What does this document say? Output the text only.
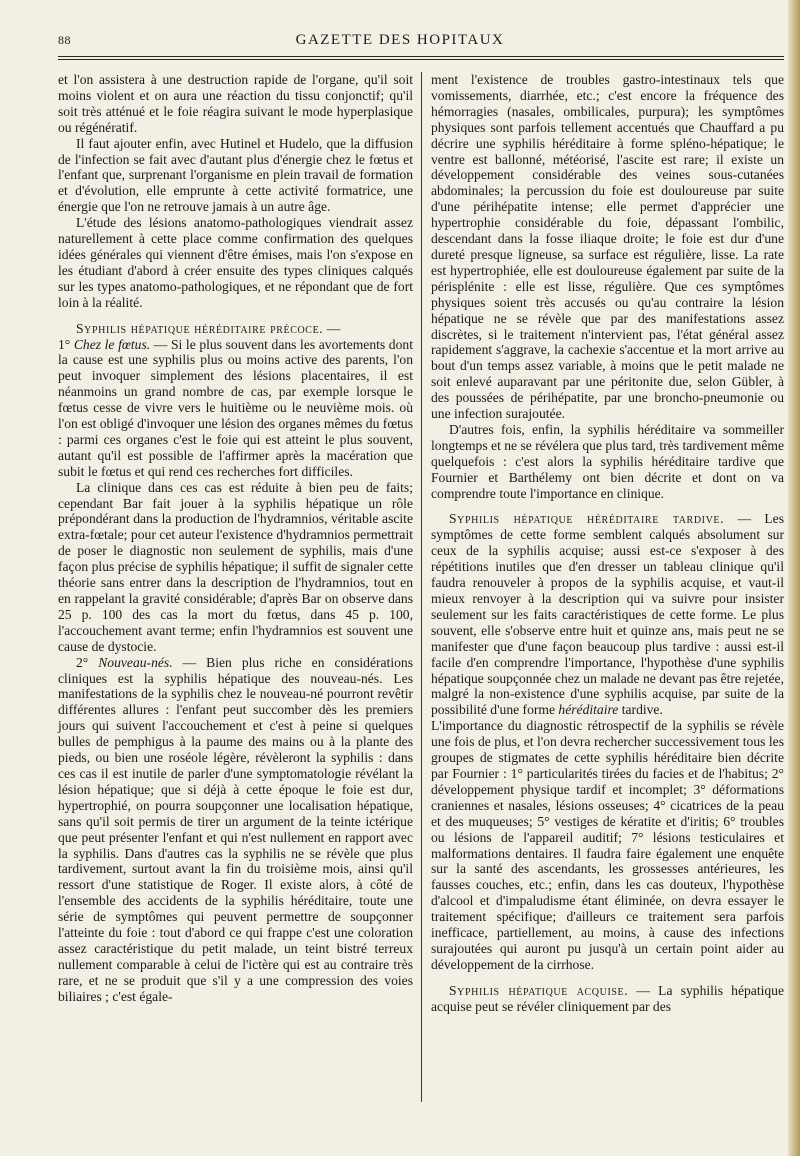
88	GAZETTE DES HOPITAUX

et l'on assistera à une destruction rapide de l'organe, qu'il soit moins violent et on aura une réaction du tissu conjonctif; qu'il soit très atténué et le foie réagira suivant le mode hyperplasique ou régénératif.

Il faut ajouter enfin, avec Hutinel et Hudelo, que la diffusion de l'infection se fait avec d'autant plus d'énergie chez le fœtus et l'enfant que, surprenant l'organisme en plein travail de formation et d'évolution, elle emprunte à cette activité formatrice, une énergie que l'on ne retrouve jamais à un autre âge.

L'étude des lésions anatomo-pathologiques viendrait assez naturellement à cette place comme confirmation des quelques idées générales qui viennent d'être émises, mais l'on s'expose en les étudiant d'abord à créer ensuite des types cliniques calqués sur les types anatomo-pathologiques, et ne répondant que de fort loin à la réalité.

Syphilis hépatique héréditaire précoce. —
1° Chez le fœtus. — Si le plus souvent dans les avortements dont la cause est une syphilis plus ou moins active des parents, l'on peut invoquer simplement des lésions placentaires, il est néanmoins un grand nombre de cas, par exemple lorsque le fœtus cesse de vivre vers le huitième ou le neuvième mois. où l'on est obligé d'invoquer une lésion des organes mêmes du fœtus : parmi ces organes c'est le foie qui est atteint le plus souvent, autant qu'il est possible de l'affirmer après la macération que subit le fœtus et qui rend ces recherches fort difficiles.

La clinique dans ces cas est réduite à bien peu de faits; cependant Bar fait jouer à la syphilis hépatique un rôle prépondérant dans la production de l'hydramnios, véritable ascite extra-fœtale; pour cet auteur l'existence d'hydramnios permettrait de poser le diagnostic non seulement de syphilis, mais d'une façon plus précise de syphilis hépatique; il suffit de signaler cette théorie sans entrer dans la description de l'hydramnios, tout en en rappelant la gravité considérable; d'après Bar on observe dans 25 p. 100 des cas la mort du fœtus, dans 45 p. 100, l'accouchement avant terme; enfin l'hydramnios est souvent une cause de dystocie.

2° Nouveau-nés. — Bien plus riche en considérations cliniques est la syphilis hépatique des nouveau-nés. Les manifestations de la syphilis chez le nouveau-né pourront revêtir différentes allures : l'enfant peut succomber dès les premiers jours qui suivent l'accouchement et c'est à peine si quelques bulles de pemphigus à la paume des mains ou à la plante des pieds, ou bien une roséole légère, révèleront la syphilis : dans ces cas il est inutile de parler d'une symptomatologie révélant la lésion hépatique; que si déjà à cette époque le foie est dur, hypertrophié, on pourra soupçonner une localisation hépatique, sans qu'il soit permis de tirer un argument de la teinte ictérique que peut présenter l'enfant et qui n'est nullement en rapport avec la syphilis. Dans d'autres cas la syphilis ne se révèle que plus tardivement, surtout avant la fin du troisième mois, ainsi qu'il ressort d'une statistique de Roger. Il existe alors, à côté de l'ensemble des accidents de la syphilis héréditaire, toute une série de symptômes qui peuvent permettre de soupçonner l'atteinte du foie : tout d'abord ce qui frappe c'est une coloration assez caractéristique du petit malade, un teint bistré terreux nullement comparable à celui de l'ictère qui est au contraire très rare, et ne se produit que s'il y a une compression des voies biliaires ; c'est égale-

ment l'existence de troubles gastro-intestinaux tels que vomissements, diarrhée, etc.; c'est encore la fréquence des hémorragies (nasales, ombilicales, purpura); les symptômes physiques sont parfois tellement accentués que Chauffard a pu décrire une syphilis héréditaire à forme spléno-hépatique; le ventre est ballonné, météorisé, l'ascite est rare; il existe un développement considérable des veines sous-cutanées abdominales; la percussion du foie est douloureuse par suite d'une périhépatite intense; elle permet d'apprécier une hypertrophie considérable du foie, dépassant l'ombilic, descendant dans la fosse iliaque droite; le foie est dur d'une dureté presque ligneuse, sa surface est régulière, lisse. La rate est hypertrophiée, elle est douloureuse également par suite de la périsplénite : elle est lisse, régulière. Que ces symptômes physiques soient très accusés ou qu'au contraire la lésion hépatique ne se révèle que par des manifestations assez discrètes, si le traitement n'intervient pas, l'état général assez rapidement s'aggrave, la cachexie s'accentue et la mort arrive au bout d'un temps assez variable, à moins que le petit malade ne soit enlevé auparavant par une péritonite due, selon Gübler, à des poussées de périhépatite, par une broncho-pneumonie ou une infection surajoutée.

D'autres fois, enfin, la syphilis héréditaire va sommeiller longtemps et ne se révélera que plus tard, très tardivement même quelquefois : c'est alors la syphilis héréditaire tardive que Fournier et Barthélemy ont bien décrite et dont on va comprendre toute l'importance en clinique.

Syphilis hépatique héréditaire tardive. — Les symptômes de cette forme semblent calqués absolument sur ceux de la syphilis acquise; aussi est-ce s'exposer à des répétitions inutiles que d'en dresser un tableau clinique qu'il faudra renouveler à propos de la syphilis acquise, et vaut-il mieux renvoyer à la description qui va suivre pour insister seulement sur les faits caractéristiques de cette forme. Le plus souvent, elle s'observe entre huit et quinze ans, mais peut ne se manifester que d'une façon beaucoup plus tardive : aussi est-il facile d'en comprendre l'importance, l'hypothèse d'une syphilis hépatique soupçonnée chez un malade ne devant pas être rejetée, malgré la non-existence d'une syphilis acquise, par suite de la possibilité d'une forme héréditaire tardive.

L'importance du diagnostic rétrospectif de la syphilis se révèle une fois de plus, et l'on devra rechercher successivement tous les groupes de stigmates de cette syphilis héréditaire bien décrite par Fournier : 1° particularités tirées du facies et de l'habitus; 2° développement physique tardif et incomplet; 3° déformations craniennes et nasales, lésions osseuses; 4° cicatrices de la peau et des muqueuses; 5° vestiges de kératite et d'iritis; 6° troubles ou lésions de l'appareil auditif; 7° lésions testiculaires et malformations dentaires. Il faudra faire également une enquête sur la santé des ascendants, les grossesses antérieures, les fausses couches, etc.; enfin, dans les cas douteux, l'hypothèse d'alcool et d'impaludisme étant éliminée, on devra essayer le traitement spécifique; d'ailleurs ce traitement sera parfois inefficace, partiellement, au moins, à cause des infections surajoutées qui auront pu jusqu'à un certain point aider au développement de la cirrhose.

Syphilis hépatique acquise. — La syphilis hépatique acquise peut se révéler cliniquement par des
